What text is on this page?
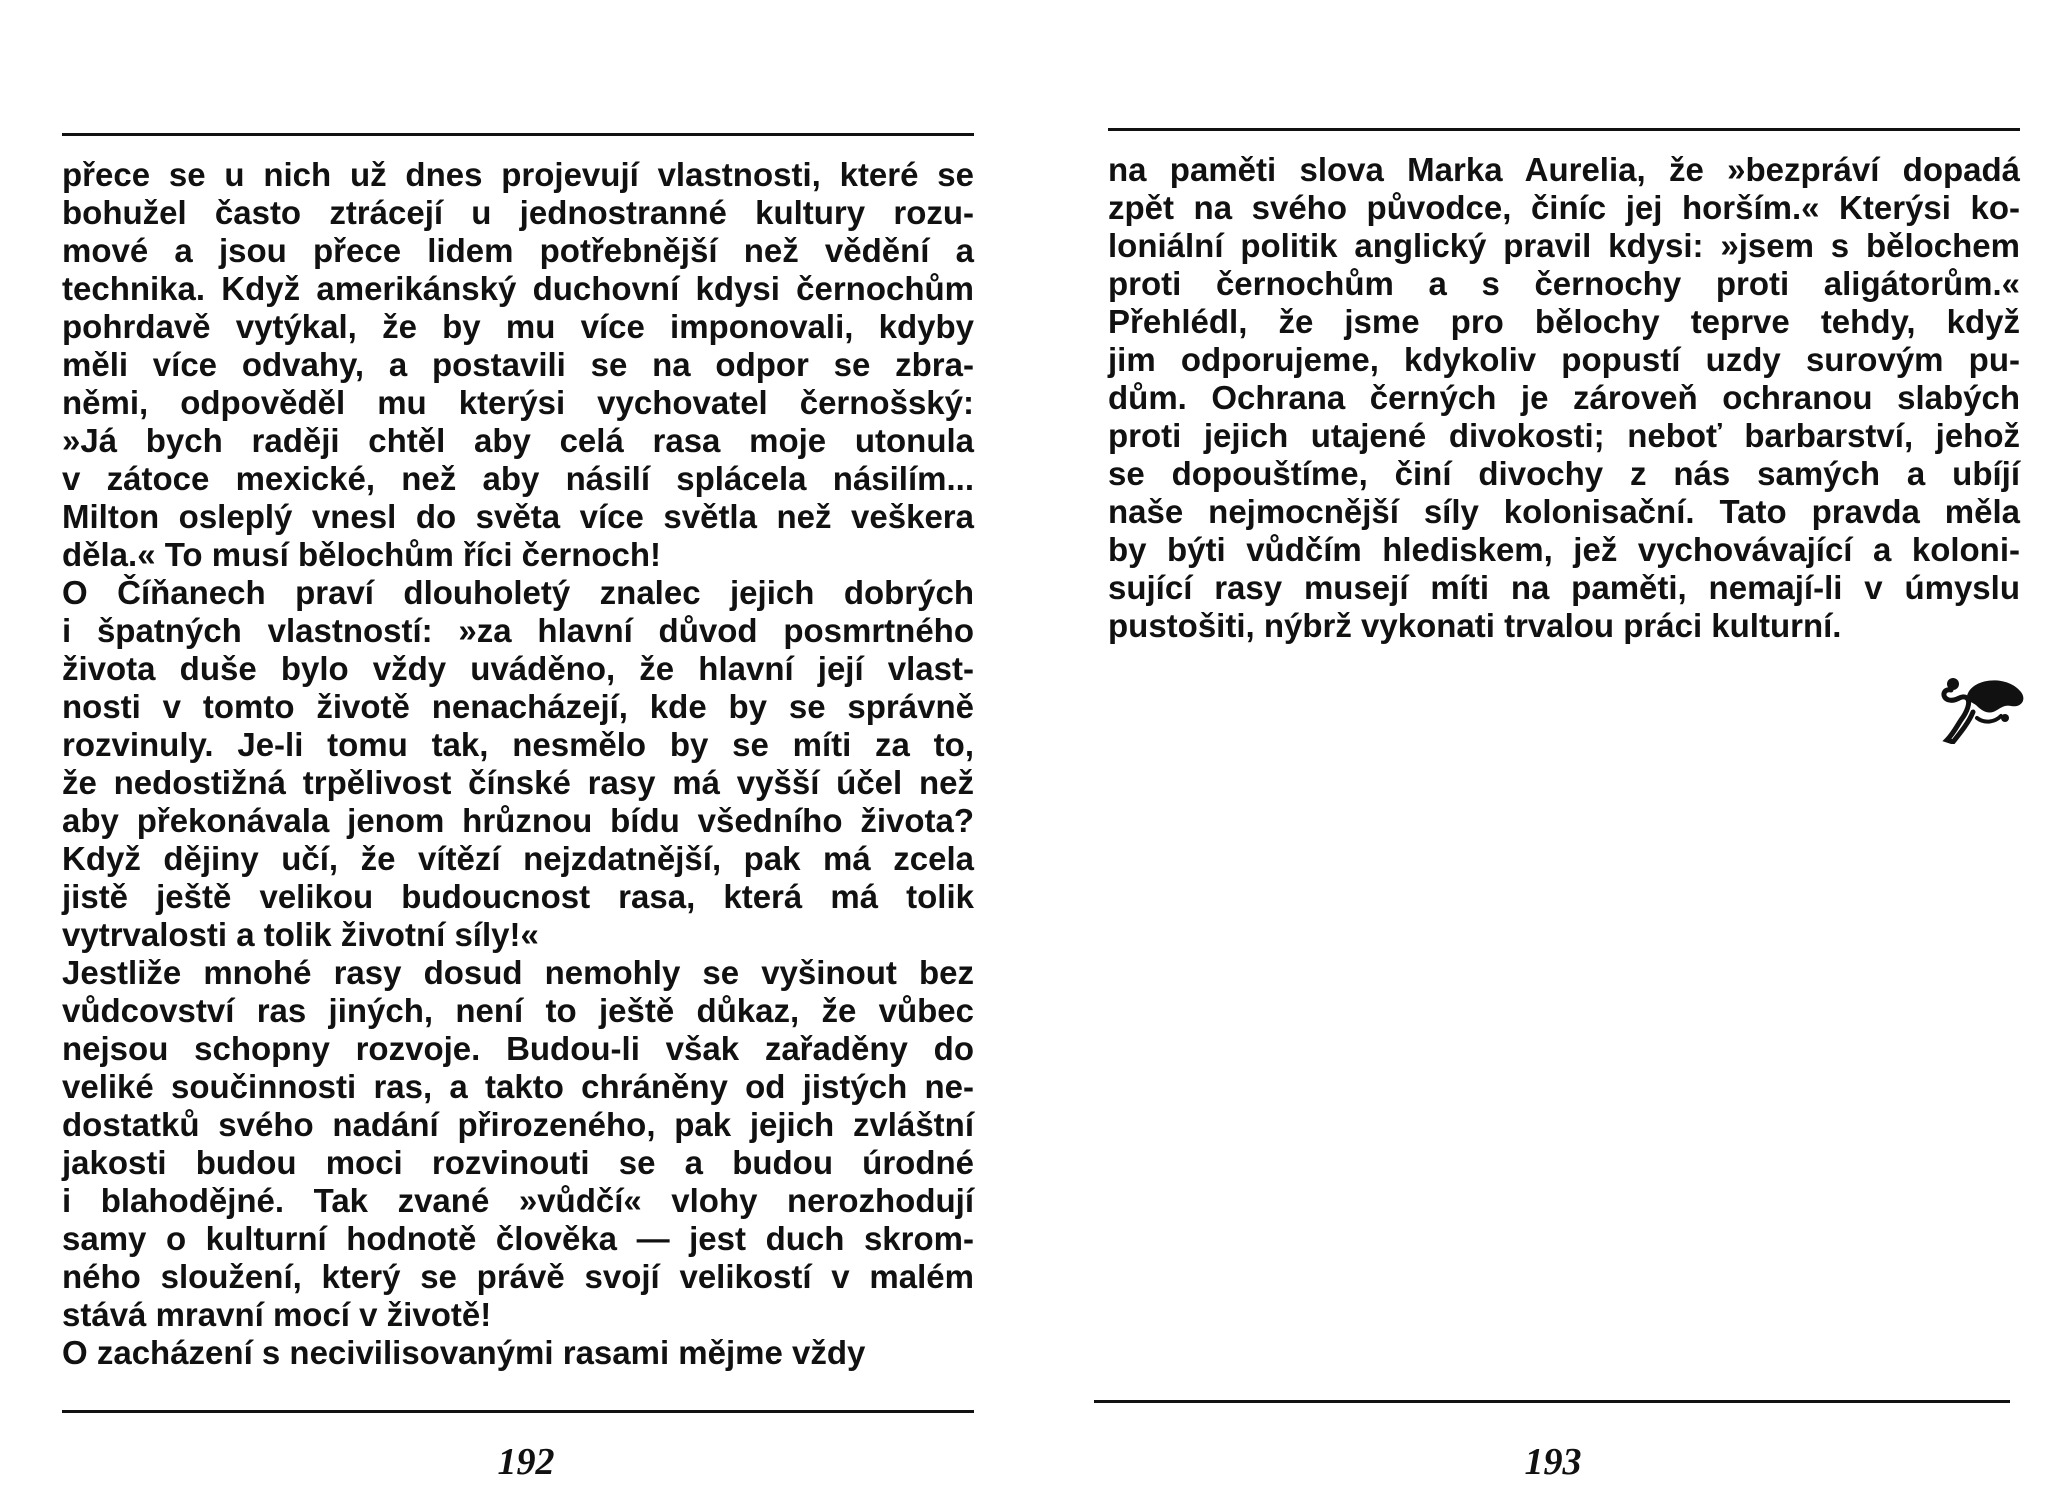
přece se u nich už dnes projevují vlastnosti, které se
bohužel často ztrácejí u jednostranné kultury rozu-
mové a jsou přece lidem potřebnější než vědění a
technika. Když amerikánský duchovní kdysi černochům
pohrdavě vytýkal, že by mu více imponovali, kdyby
měli více odvahy, a postavili se na odpor se zbra-
němi, odpověděl mu kterýsi vychovatel černošský:
»Já bych raději chtěl aby celá rasa moje utonula
v zátoce mexické, než aby násilí splácela násilím...
Milton osleplý vnesl do světa více světla než veškera
děla.« To musí bělochům říci černoch!
O Číňanech praví dlouholetý znalec jejich dobrých
i špatných vlastností: »za hlavní důvod posmrtného
života duše bylo vždy uváděno, že hlavní její vlast-
nosti v tomto životě nenacházejí, kde by se správně
rozvinuly. Je-li tomu tak, nesmělo by se míti za to,
že nedostižná trpělivost čínské rasy má vyšší účel než
aby překonávala jenom hrůznou bídu všedního života?
Když dějiny učí, že vítězí nejzdatnější, pak má zcela
jistě ještě velikou budoucnost rasa, která má tolik
vytrvalosti a tolik životní síly!«
Jestliže mnohé rasy dosud nemohly se vyšinout bez
vůdcovství ras jiných, není to ještě důkaz, že vůbec
nejsou schopny rozvoje. Budou-li však zařaděny do
veliké součinnosti ras, a takto chráněny od jistých ne-
dostatků svého nadání přirozeného, pak jejich zvláštní
jakosti budou moci rozvinouti se a budou úrodné
i blahodějné. Tak zvané »vůdčí« vlohy nerozhodují
samy o kulturní hodnotě člověka — jest duch skrom-
ného sloužení, který se právě svojí velikostí v malém
stává mravní mocí v životě!
O zacházení s necivilisovanými rasami mějme vždy
192
na paměti slova Marka Aurelia, že »bezpráví dopadá
zpět na svého původce, činíc jej horším.« Kterýsi ko-
loniální politik anglický pravil kdysi: »jsem s bělochem
proti černochům a s černochy proti aligátorům.«
Přehlédl, že jsme pro bělochy teprve tehdy, když
jim odporujeme, kdykoliv popustí uzdy surovým pu-
dům. Ochrana černých je zároveň ochranou slabých
proti jejich utajené divokosti; neboť barbarství, jehož
se dopouštíme, činí divochy z nás samých a ubíjí
naše nejmocnější síly kolonisační. Tato pravda měla
by býti vůdčím hlediskem, jež vychovávající a koloni-
sující rasy musejí míti na paměti, nemají-li v úmyslu
pustošiti, nýbrž vykonati trvalou práci kulturní.
193
